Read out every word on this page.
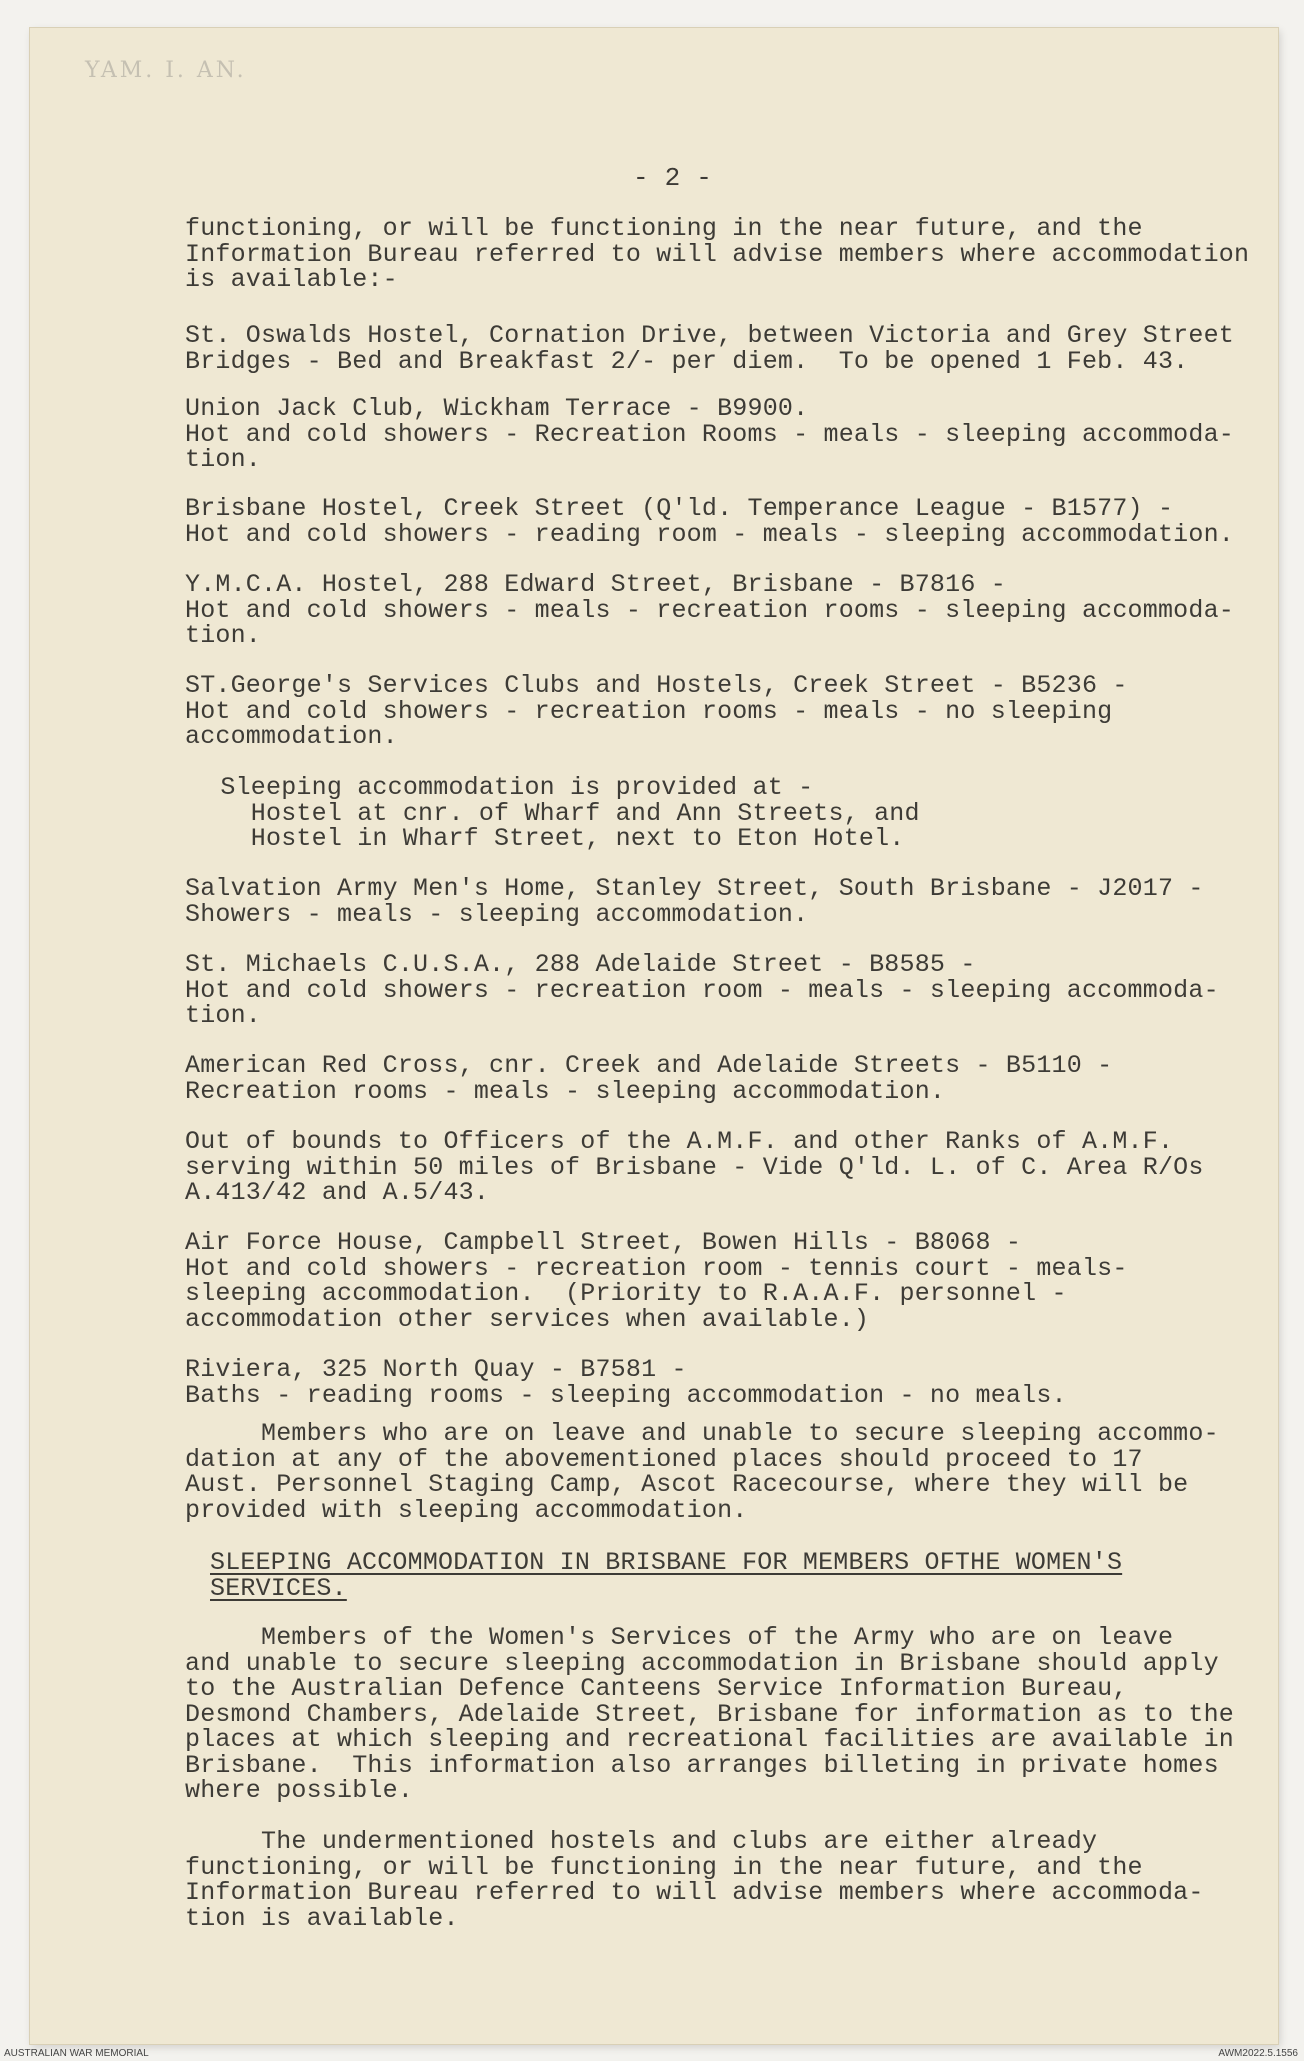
YAM. I. AN.
- 2 -

functioning, or will be functioning in the near future, and the
Information Bureau referred to will advise members where accommodation
is available:-

St. Oswalds Hostel, Cornation Drive, between Victoria and Grey Street
Bridges - Bed and Breakfast 2/- per diem.  To be opened 1 Feb. 43.

Union Jack Club, Wickham Terrace - B9900.
Hot and cold showers - Recreation Rooms - meals - sleeping accommoda-
tion.

Brisbane Hostel, Creek Street (Q'ld. Temperance League - B1577) -
Hot and cold showers - reading room - meals - sleeping accommodation.

Y.M.C.A. Hostel, 288 Edward Street, Brisbane - B7816 -
Hot and cold showers - meals - recreation rooms - sleeping accommoda-
tion.

ST.George's Services Clubs and Hostels, Creek Street - B5236 -
Hot and cold showers - recreation rooms - meals - no sleeping
accommodation.

Sleeping accommodation is provided at -
Hostel at cnr. of Wharf and Ann Streets, and
Hostel in Wharf Street, next to Eton Hotel.

Salvation Army Men's Home, Stanley Street, South Brisbane - J2017 -
Showers - meals - sleeping accommodation.

St. Michaels C.U.S.A., 288 Adelaide Street - B8585 -
Hot and cold showers - recreation room - meals - sleeping accommoda-
tion.

American Red Cross, cnr. Creek and Adelaide Streets - B5110 -
Recreation rooms - meals - sleeping accommodation.

Out of bounds to Officers of the A.M.F. and other Ranks of A.M.F.
serving within 50 miles of Brisbane - Vide Q'ld. L. of C. Area R/Os
A.413/42 and A.5/43.

Air Force House, Campbell Street, Bowen Hills - B8068 -
Hot and cold showers - recreation room - tennis court - meals-
sleeping accommodation.  (Priority to R.A.A.F. personnel -
accommodation other services when available.)

Riviera, 325 North Quay - B7581 -
Baths - reading rooms - sleeping accommodation - no meals.

Members who are on leave and unable to secure sleeping accommo-
dation at any of the abovementioned places should proceed to 17
Aust. Personnel Staging Camp, Ascot Racecourse, where they will be
provided with sleeping accommodation.

SLEEPING ACCOMMODATION IN BRISBANE FOR MEMBERS OFTHE WOMEN'S
SERVICES.

Members of the Women's Services of the Army who are on leave
and unable to secure sleeping accommodation in Brisbane should apply
to the Australian Defence Canteens Service Information Bureau,
Desmond Chambers, Adelaide Street, Brisbane for information as to the
places at which sleeping and recreational facilities are available in
Brisbane.  This information also arranges billeting in private homes
where possible.

The undermentioned hostels and clubs are either already
functioning, or will be functioning in the near future, and the
Information Bureau referred to will advise members where accommoda-
tion is available.

AUSTRALIAN WAR MEMORIAL	AWM2022.5.1556
